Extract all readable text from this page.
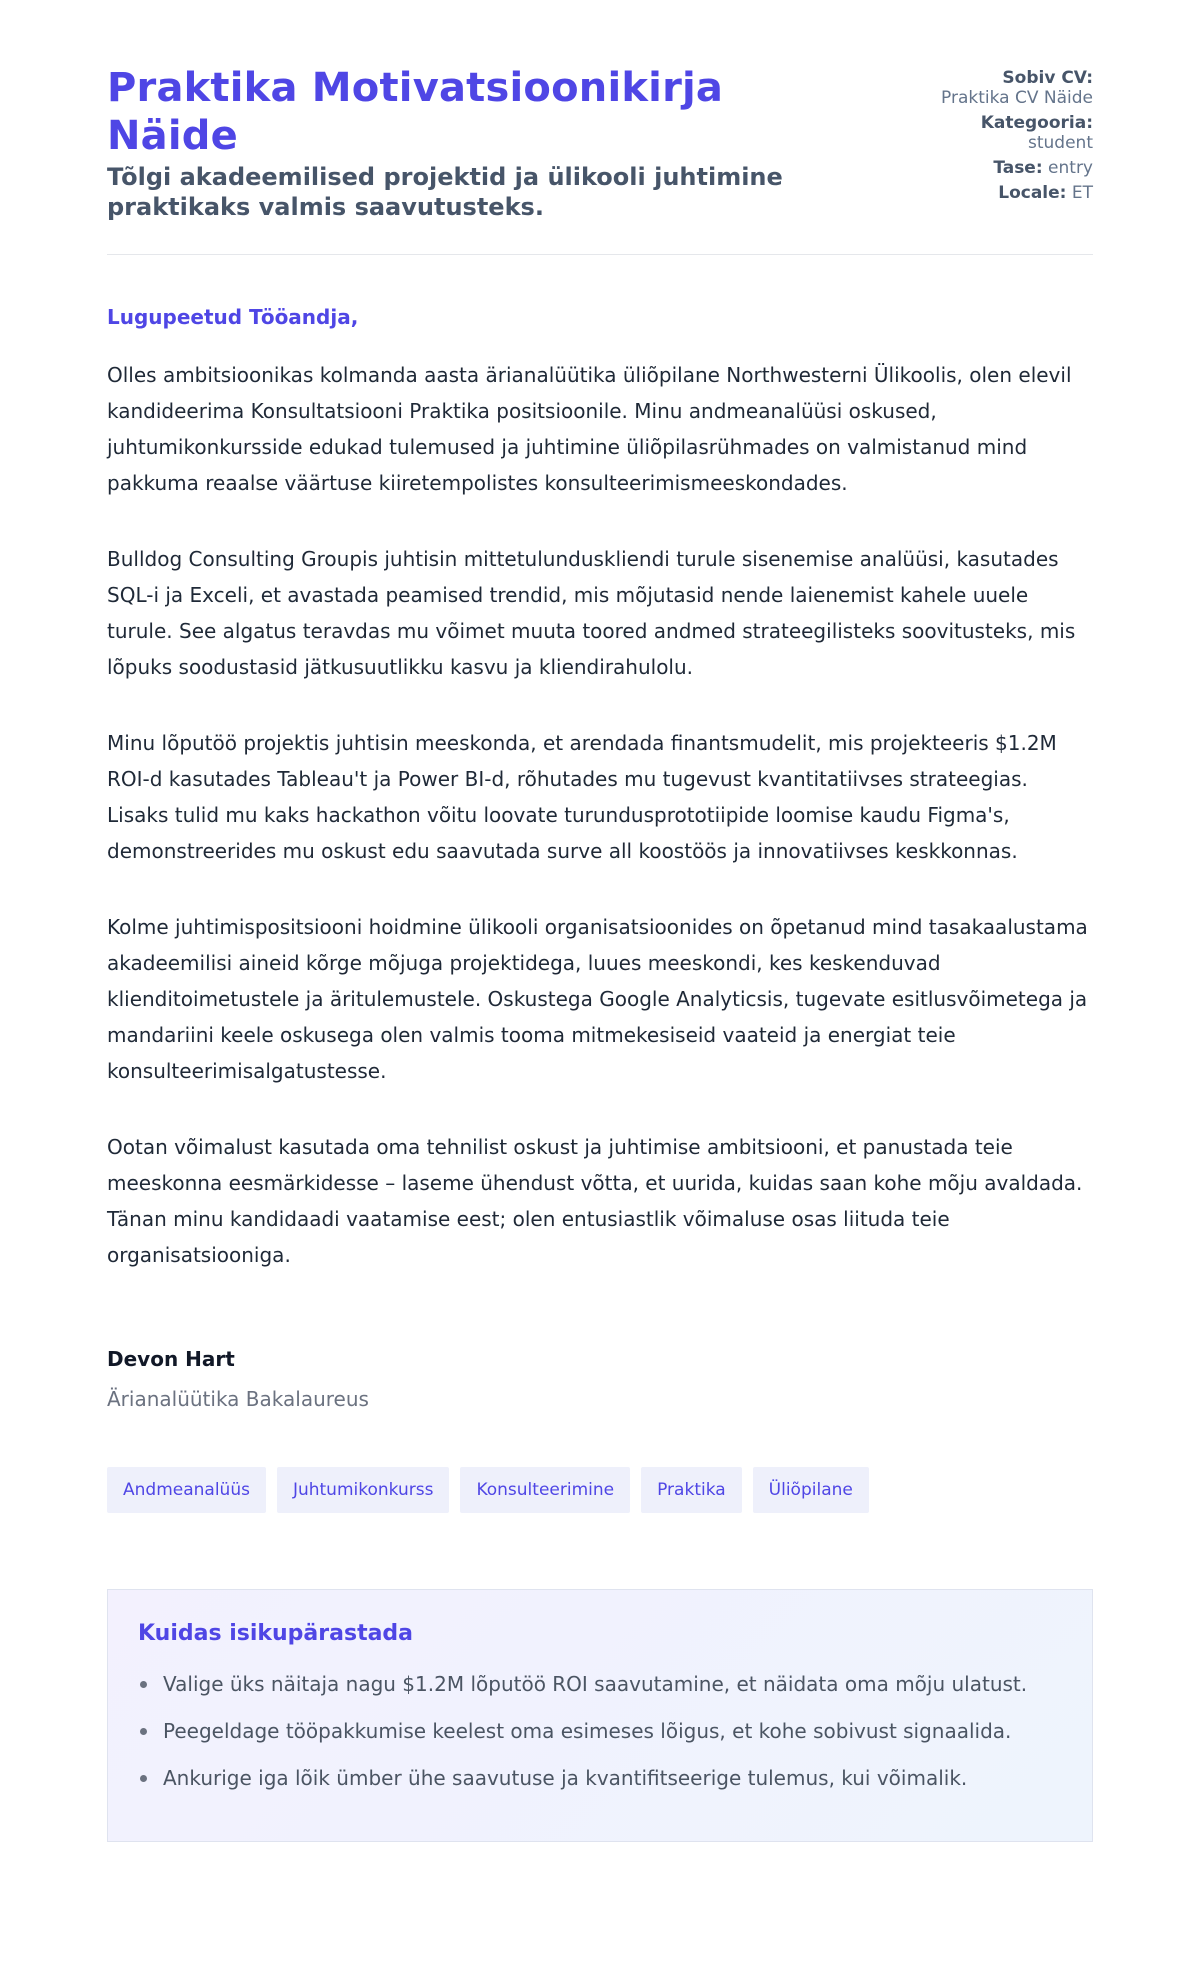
Praktika Motivatsioonikirja Näide
Tõlgi akadeemilised projektid ja ülikooli juhtimine praktikaks valmis saavutusteks.
Sobiv CV:
Praktika CV Näide
Kategooria:
student
Tase: entry
Locale: ET
Lugupeetud Tööandja,

Olles ambitsioonikas kolmanda aasta ärianalüütika üliõpilane Northwesterni Ülikoolis, olen elevil kandideerima Konsultatsiooni Praktika positsioonile. Minu andmeanalüüsi oskused, juhtumikonkursside edukad tulemused ja juhtimine üliõpilasrühmades on valmistanud mind pakkuma reaalse väärtuse kiiretempolistes konsulteerimismeeskondades.

Bulldog Consulting Groupis juhtisin mittetulunduskliendi turule sisenemise analüüsi, kasutades SQL-i ja Exceli, et avastada peamised trendid, mis mõjutasid nende laienemist kahele uuele turule. See algatus teravdas mu võimet muuta toored andmed strateegilisteks soovitusteks, mis lõpuks soodustasid jätkusuutlikku kasvu ja kliendirahulolu.

Minu lõputöö projektis juhtisin meeskonda, et arendada finantsmudelit, mis projekteeris $1.2M ROI-d kasutades Tableau't ja Power BI-d, rõhutades mu tugevust kvantitatiivses strateegias. Lisaks tulid mu kaks hackathon võitu loovate turundusprototiipide loomise kaudu Figma's, demonstreerides mu oskust edu saavutada surve all koostöös ja innovatiivses keskkonnas.

Kolme juhtimispositsiooni hoidmine ülikooli organisatsioonides on õpetanud mind tasakaalustama akadeemilisi aineid kõrge mõjuga projektidega, luues meeskondi, kes keskenduvad klienditoimetustele ja äritulemustele. Oskustega Google Analyticsis, tugevate esitlusvõimetega ja mandariini keele oskusega olen valmis tooma mitmekesiseid vaateid ja energiat teie konsulteerimisalgatustesse.

Ootan võimalust kasutada oma tehnilist oskust ja juhtimise ambitsiooni, et panustada teie meeskonna eesmärkidesse – laseme ühendust võtta, et uurida, kuidas saan kohe mõju avaldada. Tänan minu kandidaadi vaatamise eest; olen entusiastlik võimaluse osas liituda teie organisatsiooniga.

Devon Hart
Ärianalüütika Bakalaureus
Andmeanalüüs	Juhtumikonkurss	Konsulteerimine	Praktika	Üliõpilane
Kuidas isikupärastada
Valige üks näitaja nagu $1.2M lõputöö ROI saavutamine, et näidata oma mõju ulatust.
Peegeldage tööpakkumise keelest oma esimeses lõigus, et kohe sobivust signaalida.
Ankurige iga lõik ümber ühe saavutuse ja kvantifitseerige tulemus, kui võimalik.
